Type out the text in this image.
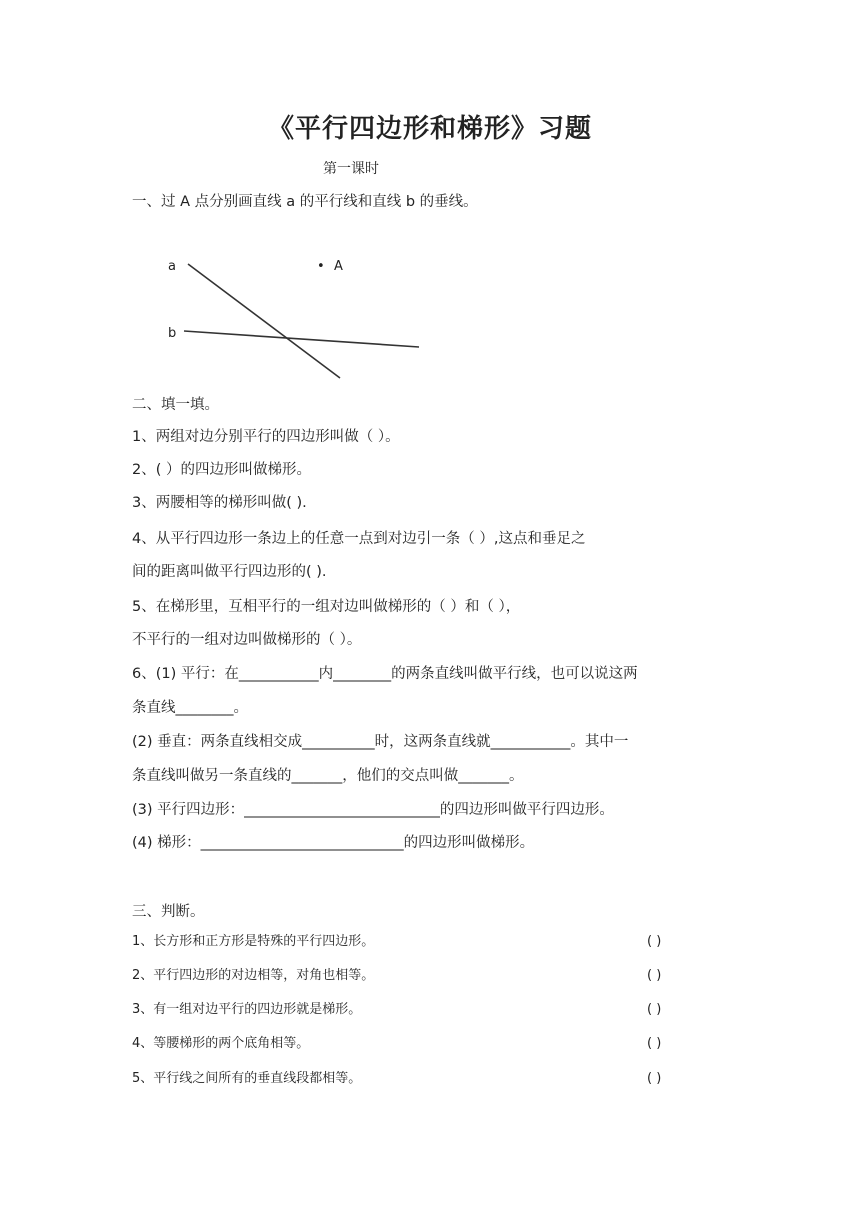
《平行四边形和梯形》习题
第一课时
一、过 A 点分别画直线 a 的平行线和直线 b 的垂线。
a
b
• A
二、填一填。
1、两组对边分别平行的四边形叫做（ ）。
2、( ）的四边形叫做梯形。
3、两腰相等的梯形叫做( ).
4、从平行四边形一条边上的任意一点到对边引一条（ ）,这点和垂足之
间的距离叫做平行四边形的( ).
5、在梯形里，互相平行的一组对边叫做梯形的（ ）和（ ），
不平行的一组对边叫做梯形的（ ）。
6、(1) 平行：在___________内________的两条直线叫做平行线，也可以说这两
条直线________。
(2) 垂直：两条直线相交成__________时，这两条直线就___________。其中一
条直线叫做另一条直线的_______，他们的交点叫做_______。
(3) 平行四边形：___________________________的四边形叫做平行四边形。
(4) 梯形：____________________________的四边形叫做梯形。
三、判断。
1、长方形和正方形是特殊的平行四边形。	( )
2、平行四边形的对边相等，对角也相等。	( )
3、有一组对边平行的四边形就是梯形。	( )
4、等腰梯形的两个底角相等。	( )
5、平行线之间所有的垂直线段都相等。	( )
